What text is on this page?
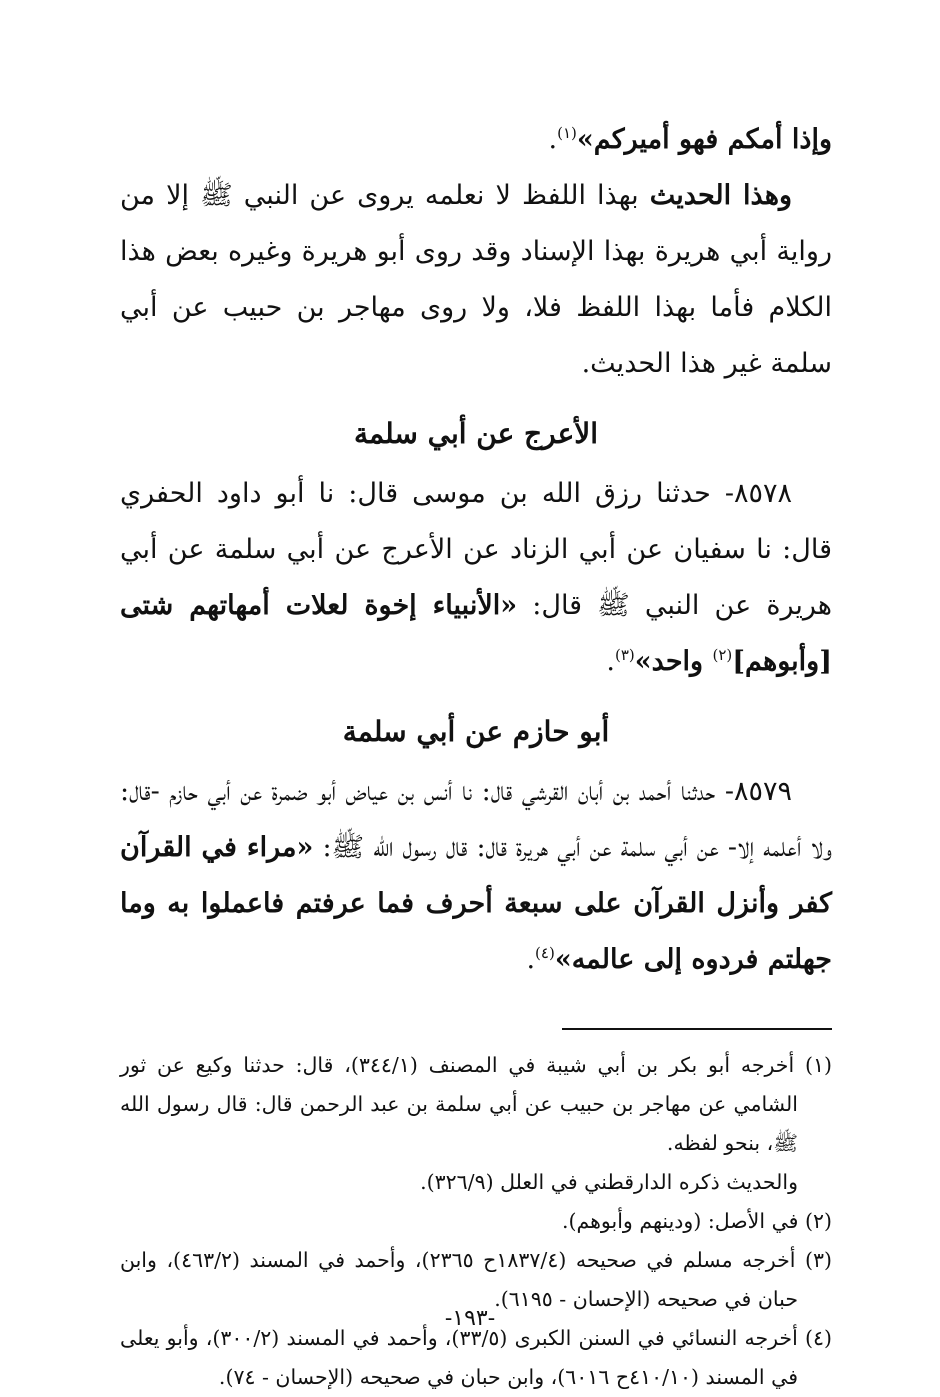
وإذا أمكم فهو أميركم»$^{(١)}$.

وهذا الحديث بهذا اللفظ لا نعلمه يروى عن النبي ﷺ إلا من رواية أبي هريرة بهذا الإسناد وقد روى أبو هريرة وغيره بعض هذا الكلام فأما بهذا اللفظ فلا، ولا روى مهاجر بن حبيب عن أبي سلمة غير هذا الحديث.

الأعرج عن أبي سلمة

٨٥٧٨- حدثنا رزق الله بن موسى قال: نا أبو داود الحفري قال: نا سفيان عن أبي الزناد عن الأعرج عن أبي سلمة عن أبي هريرة عن النبي ﷺ قال: «الأنبياء إخوة لعلات أمهاتهم شتى [وأبوهم]$^{(٢)}$ واحد»$^{(٣)}$.

أبو حازم عن أبي سلمة

٨٥٧٩- حدثنا أحمد بن أبان القرشي قال: نا أنس بن عياض أبو ضمرة عن أبي حازم -قال: ولا أعلمه إلا- عن أبي سلمة عن أبي هريرة قال: قال رسول الله ﷺ: «مراء في القرآن كفر وأنزل القرآن على سبعة أحرف فما عرفتم فاعملوا به وما جهلتم فردوه إلى عالمه»$^{(٤)}$.

(١) أخرجه أبو بكر بن أبي شيبة في المصنف (٣٤٤/١)، قال: حدثنا وكيع عن ثور الشامي عن مهاجر بن حبيب عن أبي سلمة بن عبد الرحمن قال: قال رسول الله ﷺ، بنحو لفظه.

والحديث ذكره الدارقطني في العلل (٣٢٦/٩).

(٢) في الأصل: (ودينهم وأبوهم).

(٣) أخرجه مسلم في صحيحه (١٨٣٧/٤ح ٢٣٦٥)، وأحمد في المسند (٤٦٣/٢)، وابن حبان في صحيحه (الإحسان - ٦١٩٥).

(٤) أخرجه النسائي في السنن الكبرى (٣٣/٥)، وأحمد في المسند (٣٠٠/٢)، وأبو يعلى في المسند (٤١٠/١٠ح ٦٠١٦)، وابن حبان في صحيحه (الإحسان - ٧٤).

-١٩٣-
